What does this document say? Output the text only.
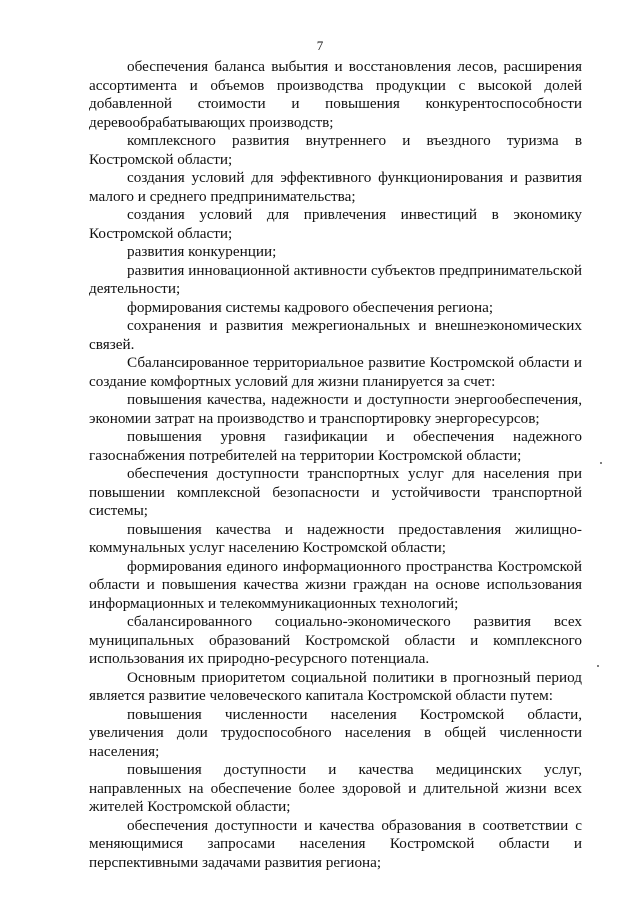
7

обеспечения баланса выбытия и восстановления лесов, расширения ассортимента и объемов производства продукции с высокой долей добавленной стоимости и повышения конкурентоспособности деревообрабатывающих производств;

комплексного развития внутреннего и въездного туризма в Костромской области;

создания условий для эффективного функционирования и развития малого и среднего предпринимательства;

создания условий для привлечения инвестиций в экономику Костромской области;

развития конкуренции;

развития инновационной активности субъектов предпринимательской деятельности;

формирования системы кадрового обеспечения региона;

сохранения и развития межрегиональных и внешнеэкономических связей.

Сбалансированное территориальное развитие Костромской области и создание комфортных условий для жизни планируется за счет:

повышения качества, надежности и доступности энергообеспечения, экономии затрат на производство и транспортировку энергоресурсов;

повышения уровня газификации и обеспечения надежного газоснабжения потребителей на территории Костромской области;

обеспечения доступности транспортных услуг для населения при повышении комплексной безопасности и устойчивости транспортной системы;

повышения качества и надежности предоставления жилищно-коммунальных услуг населению Костромской области;

формирования единого информационного пространства Костромской области и повышения качества жизни граждан на основе использования информационных и телекоммуникационных технологий;

сбалансированного социально-экономического развития всех муниципальных образований Костромской области и комплексного использования их природно-ресурсного потенциала.

Основным приоритетом социальной политики в прогнозный период является развитие человеческого капитала Костромской области путем:

повышения численности населения Костромской области, увеличения доли трудоспособного населения в общей численности населения;

повышения доступности и качества медицинских услуг, направленных на обеспечение более здоровой и длительной жизни всех жителей Костромской области;

обеспечения доступности и качества образования в соответствии с меняющимися запросами населения Костромской области и перспективными задачами развития региона;
